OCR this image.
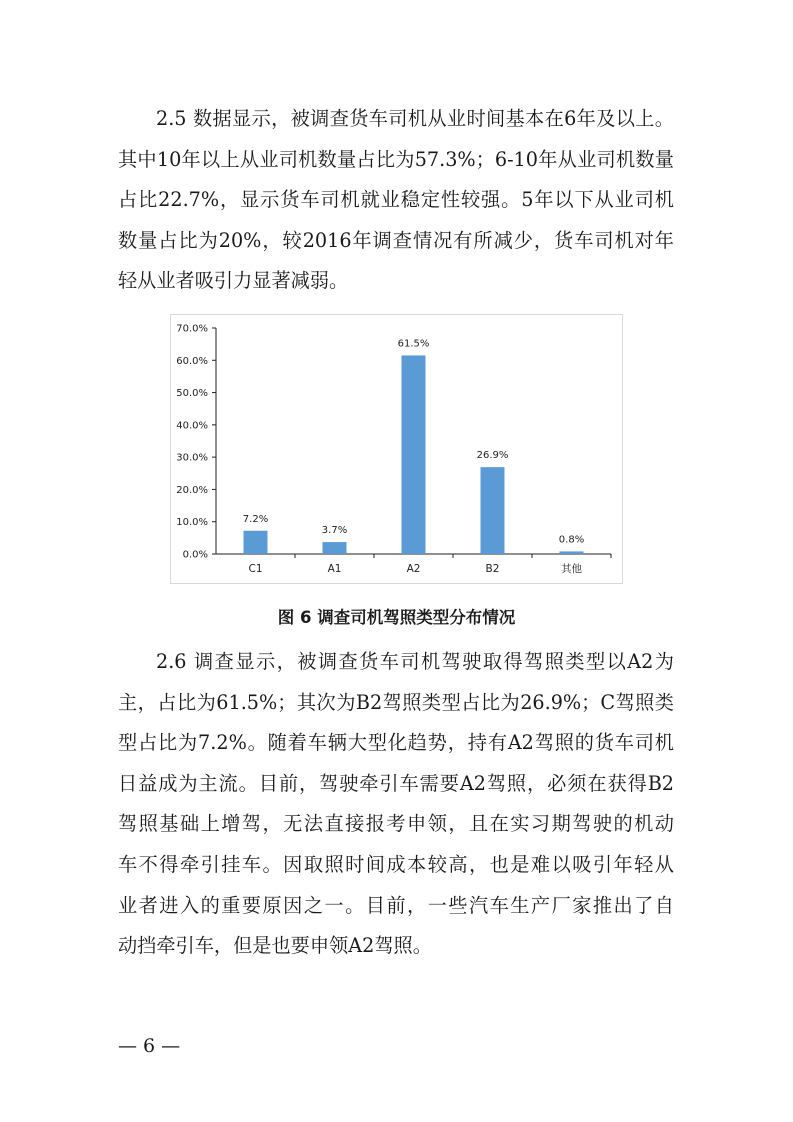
2.5 数据显示，被调查货车司机从业时间基本在6年及以上。
其中10年以上从业司机数量占比为57.3%；6-10年从业司机数量
占比22.7%，显示货车司机就业稳定性较强。5年以下从业司机
数量占比为20%，较2016年调查情况有所减少，货车司机对年
轻从业者吸引力显著减弱。
0.0%
10.0%
20.0%
30.0%
40.0%
50.0%
60.0%
70.0%
7.2%
C1
3.7%
A1
61.5%
A2
26.9%
B2
0.8%
其他

图 6 调查司机驾照类型分布情况

2.6 调查显示，被调查货车司机驾驶取得驾照类型以A2为
主，占比为61.5%；其次为B2驾照类型占比为26.9%；C驾照类
型占比为7.2%。随着车辆大型化趋势，持有A2驾照的货车司机
日益成为主流。目前，驾驶牵引车需要A2驾照，必须在获得B2
驾照基础上增驾，无法直接报考申领，且在实习期驾驶的机动
车不得牵引挂车。因取照时间成本较高，也是难以吸引年轻从
业者进入的重要原因之一。目前，一些汽车生产厂家推出了自
动挡牵引车，但是也要申领A2驾照。

— 6 —
